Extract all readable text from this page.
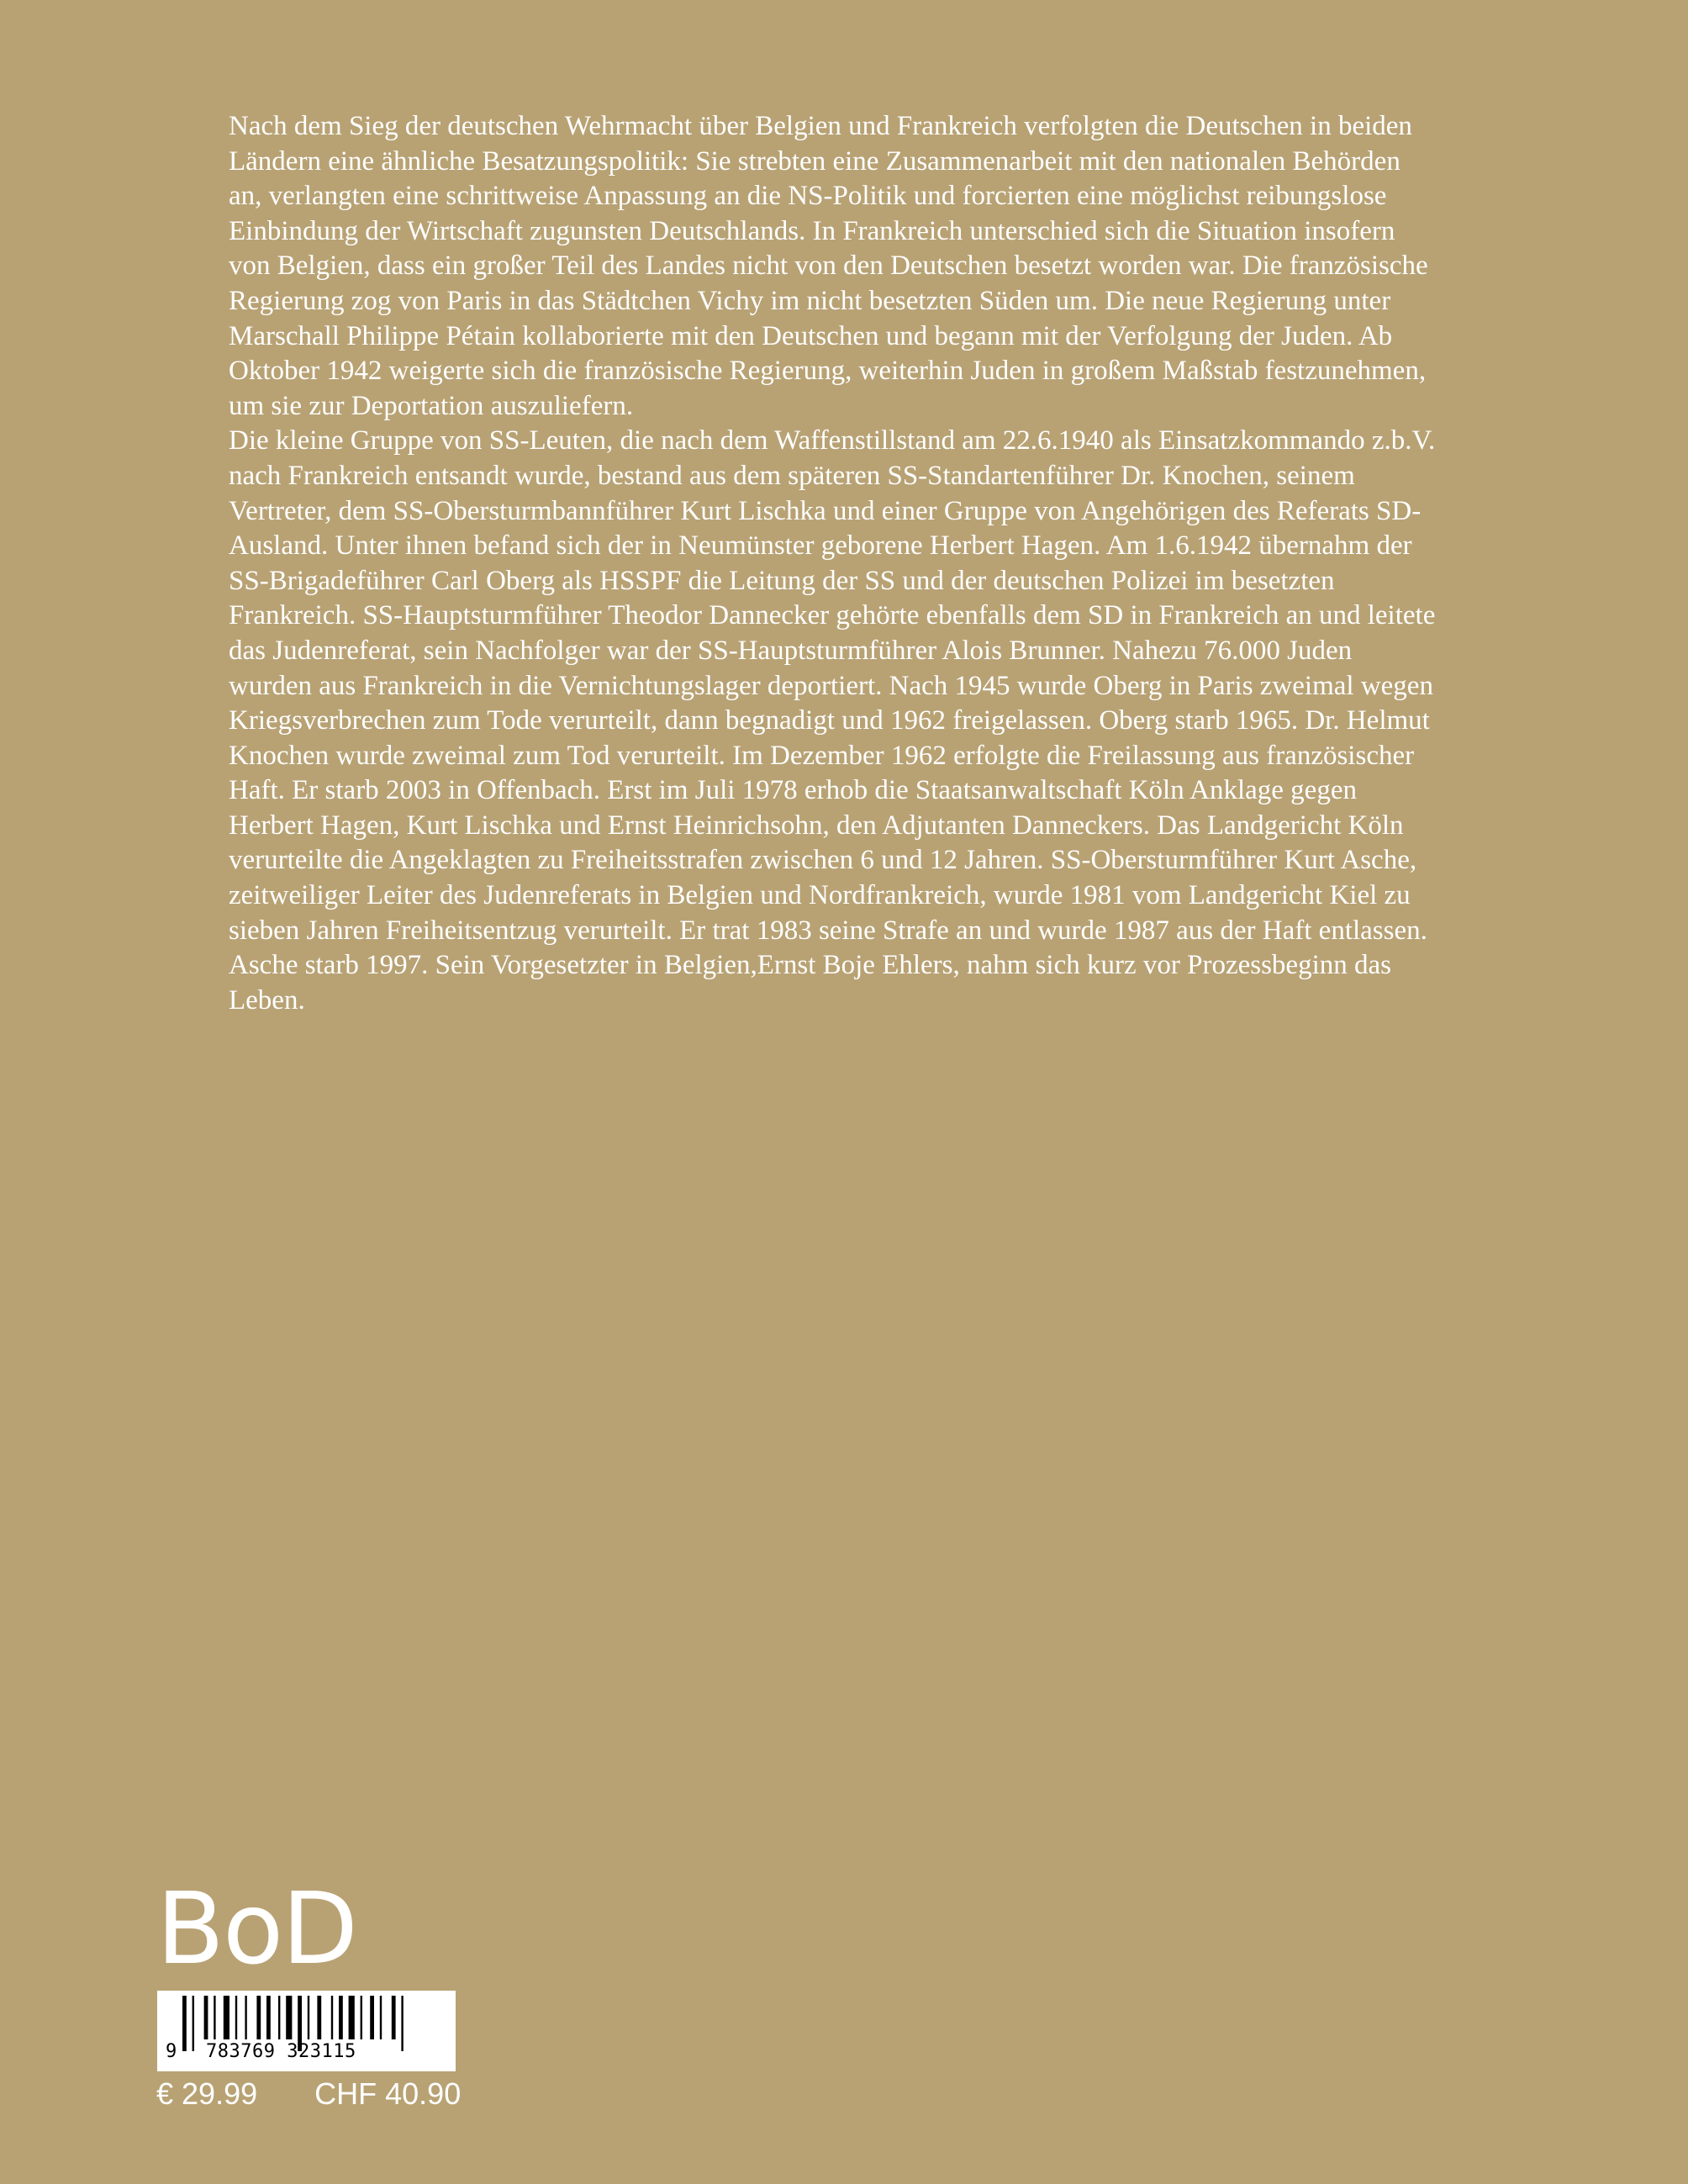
Nach dem Sieg der deutschen Wehrmacht über Belgien und Frankreich verfolgten die Deutschen in beiden Ländern eine ähnliche Besatzungspolitik: Sie strebten eine Zusammenarbeit mit den nationalen Behörden an, verlangten eine schrittweise Anpassung an die NS-Politik und forcierten eine möglichst reibungslose Einbindung der Wirtschaft zugunsten Deutschlands. In Frankreich unterschied sich die Situation insofern von Belgien, dass ein großer Teil des Landes nicht von den Deutschen besetzt worden war. Die französische Regierung zog von Paris in das Städtchen Vichy im nicht besetzten Süden um. Die neue Regierung unter Marschall Philippe Pétain kollaborierte mit den Deutschen und begann mit der Verfolgung der Juden. Ab Oktober 1942 weigerte sich die französische Regierung, weiterhin Juden in großem Maßstab festzunehmen, um sie zur Deportation auszuliefern.

Die kleine Gruppe von SS-Leuten, die nach dem Waffenstillstand am 22.6.1940 als Einsatzkommando z.b.V. nach Frankreich entsandt wurde, bestand aus dem späteren SS-Standartenführer Dr. Knochen, seinem Vertreter, dem SS-Obersturmbannführer Kurt Lischka und einer Gruppe von Angehörigen des Referats SD-Ausland. Unter ihnen befand sich der in Neumünster geborene Herbert Hagen. Am 1.6.1942 übernahm der SS-Brigadeführer Carl Oberg als HSSPF die Leitung der SS und der deutschen Polizei im besetzten Frankreich. SS-Hauptsturmführer Theodor Dannecker gehörte ebenfalls dem SD in Frankreich an und leitete das Judenreferat, sein Nachfolger war der SS-Hauptsturmführer Alois Brunner. Nahezu 76.000 Juden wurden aus Frankreich in die Vernichtungslager deportiert. Nach 1945 wurde Oberg in Paris zweimal wegen Kriegsverbrechen zum Tode verurteilt, dann begnadigt und 1962 freigelassen. Oberg starb 1965. Dr. Helmut Knochen wurde zweimal zum Tod verurteilt. Im Dezember 1962 erfolgte die Freilassung aus französischer Haft. Er starb 2003 in Offenbach. Erst im Juli 1978 erhob die Staatsanwaltschaft Köln Anklage gegen Herbert Hagen, Kurt Lischka und Ernst Heinrichsohn, den Adjutanten Danneckers. Das Landgericht Köln verurteilte die Angeklagten zu Freiheitsstrafen zwischen 6 und 12 Jahren. SS-Obersturmführer Kurt Asche, zeitweiliger Leiter des Judenreferats in Belgien und Nordfrankreich, wurde 1981 vom Landgericht Kiel zu sieben Jahren Freiheitsentzug verurteilt. Er trat 1983 seine Strafe an und wurde 1987 aus der Haft entlassen. Asche starb 1997. Sein Vorgesetzter in Belgien,Ernst Boje Ehlers, nahm sich kurz vor Prozessbeginn das Leben.

BoD
9 783769 323115
€ 29.99 CHF 40.90
